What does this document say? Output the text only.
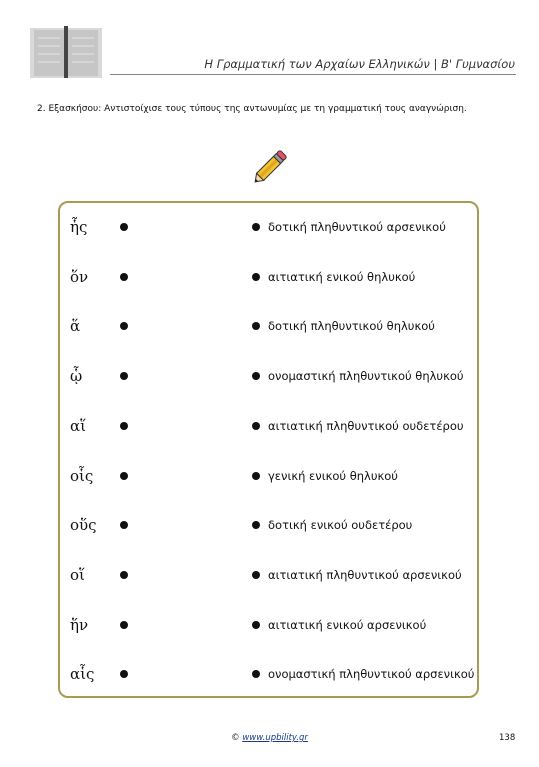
Η Γραμματική των Αρχαίων Ελληνικών | Β' Γυμνασίου
2. Εξασκήσου: Αντιστοίχισε τους τύπους της αντωνυμίας με τη γραμματική τους αναγνώριση.
ἧς	δοτική πληθυντικού αρσενικού
ὅν	αιτιατική ενικού θηλυκού
ἅ	δοτική πληθυντικού θηλυκού
ᾧ	ονομαστική πληθυντικού θηλυκού
αἵ	αιτιατική πληθυντικού ουδετέρου
οἷς	γενική ενικού θηλυκού
οὕς	δοτική ενικού ουδετέρου
οἵ	αιτιατική πληθυντικού αρσενικού
ἥν	αιτιατική ενικού αρσενικού
αἷς	ονομαστική πληθυντικού αρσενικού
© www.upbility.gr	138
